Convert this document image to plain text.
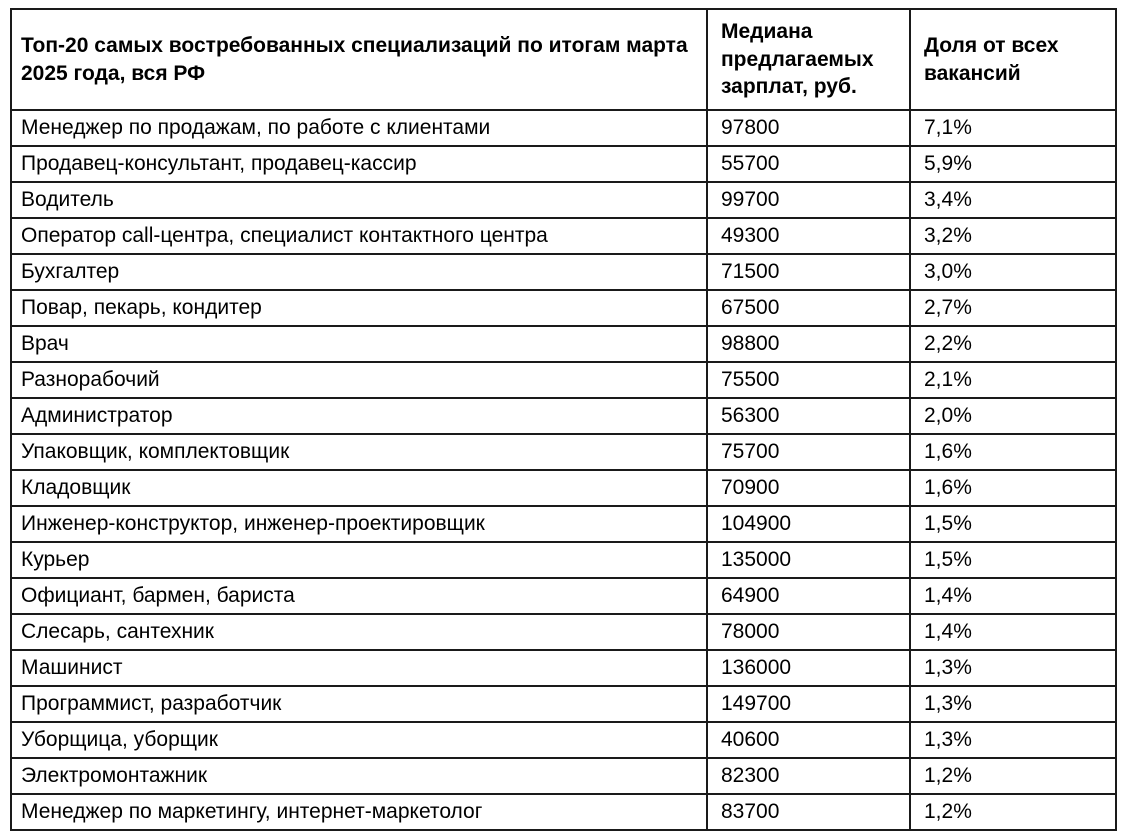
Топ-20 самых востребованных специализаций по итогам марта 2025 года, вся РФ	Медиана предлагаемых зарплат, руб.	Доля от всех вакансий
Менеджер по продажам, по работе с клиентами	97800	7,1%
Продавец-консультант, продавец-кассир	55700	5,9%
Водитель	99700	3,4%
Оператор call-центра, специалист контактного центра	49300	3,2%
Бухгалтер	71500	3,0%
Повар, пекарь, кондитер	67500	2,7%
Врач	98800	2,2%
Разнорабочий	75500	2,1%
Администратор	56300	2,0%
Упаковщик, комплектовщик	75700	1,6%
Кладовщик	70900	1,6%
Инженер-конструктор, инженер-проектировщик	104900	1,5%
Курьер	135000	1,5%
Официант, бармен, бариста	64900	1,4%
Слесарь, сантехник	78000	1,4%
Машинист	136000	1,3%
Программист, разработчик	149700	1,3%
Уборщица, уборщик	40600	1,3%
Электромонтажник	82300	1,2%
Менеджер по маркетингу, интернет-маркетолог	83700	1,2%
